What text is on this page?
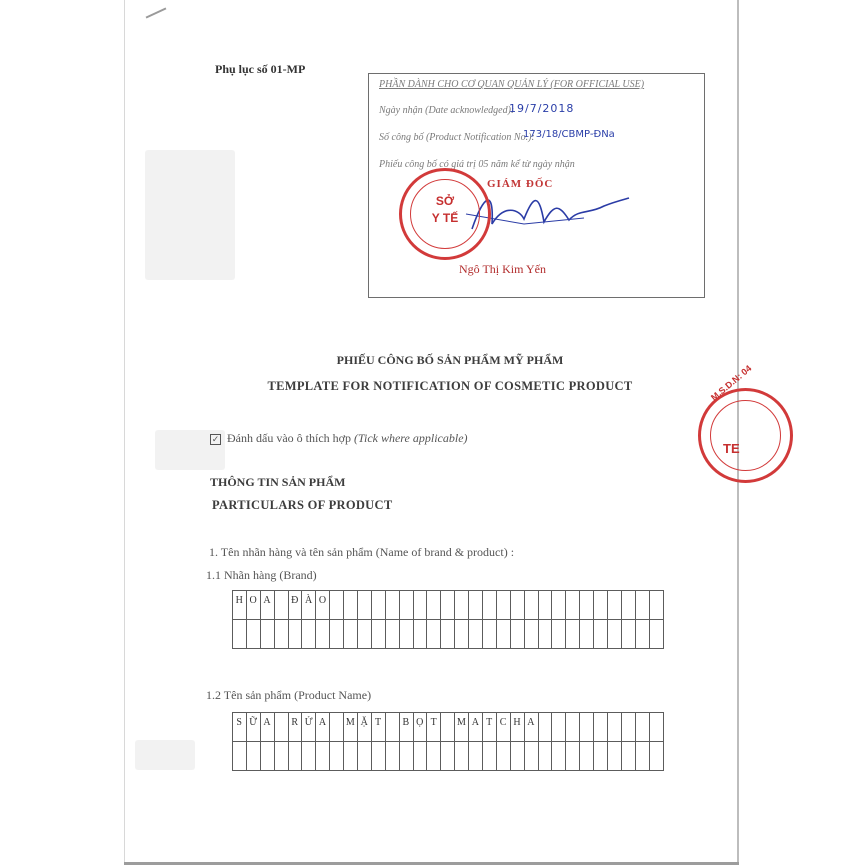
Phụ lục số 01-MP
PHẦN DÀNH CHO CƠ QUAN QUẢN LÝ (FOR OFFICIAL USE)
Ngày nhận (Date acknowledged):
19/7/2018
Số công bố (Product Notification No.):
173/18/CBMP-ĐNa
Phiếu công bố có giá trị 05 năm kể từ ngày nhận
GIÁM ĐỐC
Ngô Thị Kim Yến
SỞ
Y TẾ
M.S.D.N: 04
TE
PHIẾU CÔNG BỐ SẢN PHẨM MỸ PHẨM
TEMPLATE FOR NOTIFICATION OF COSMETIC PRODUCT
✓ Đánh dấu vào ô thích hợp (Tick where applicable)
THÔNG TIN SẢN PHẨM
PARTICULARS OF PRODUCT
1. Tên nhãn hàng và tên sản phẩm (Name of brand & product) :
1.1 Nhãn hàng (Brand)
H	O	A		Đ	À	O																								

1.2 Tên sản phẩm (Product Name)
S	Ữ	A		R	Ử	A		M	Ặ	T		B	Ọ	T		M	A	T	C	H	A									
